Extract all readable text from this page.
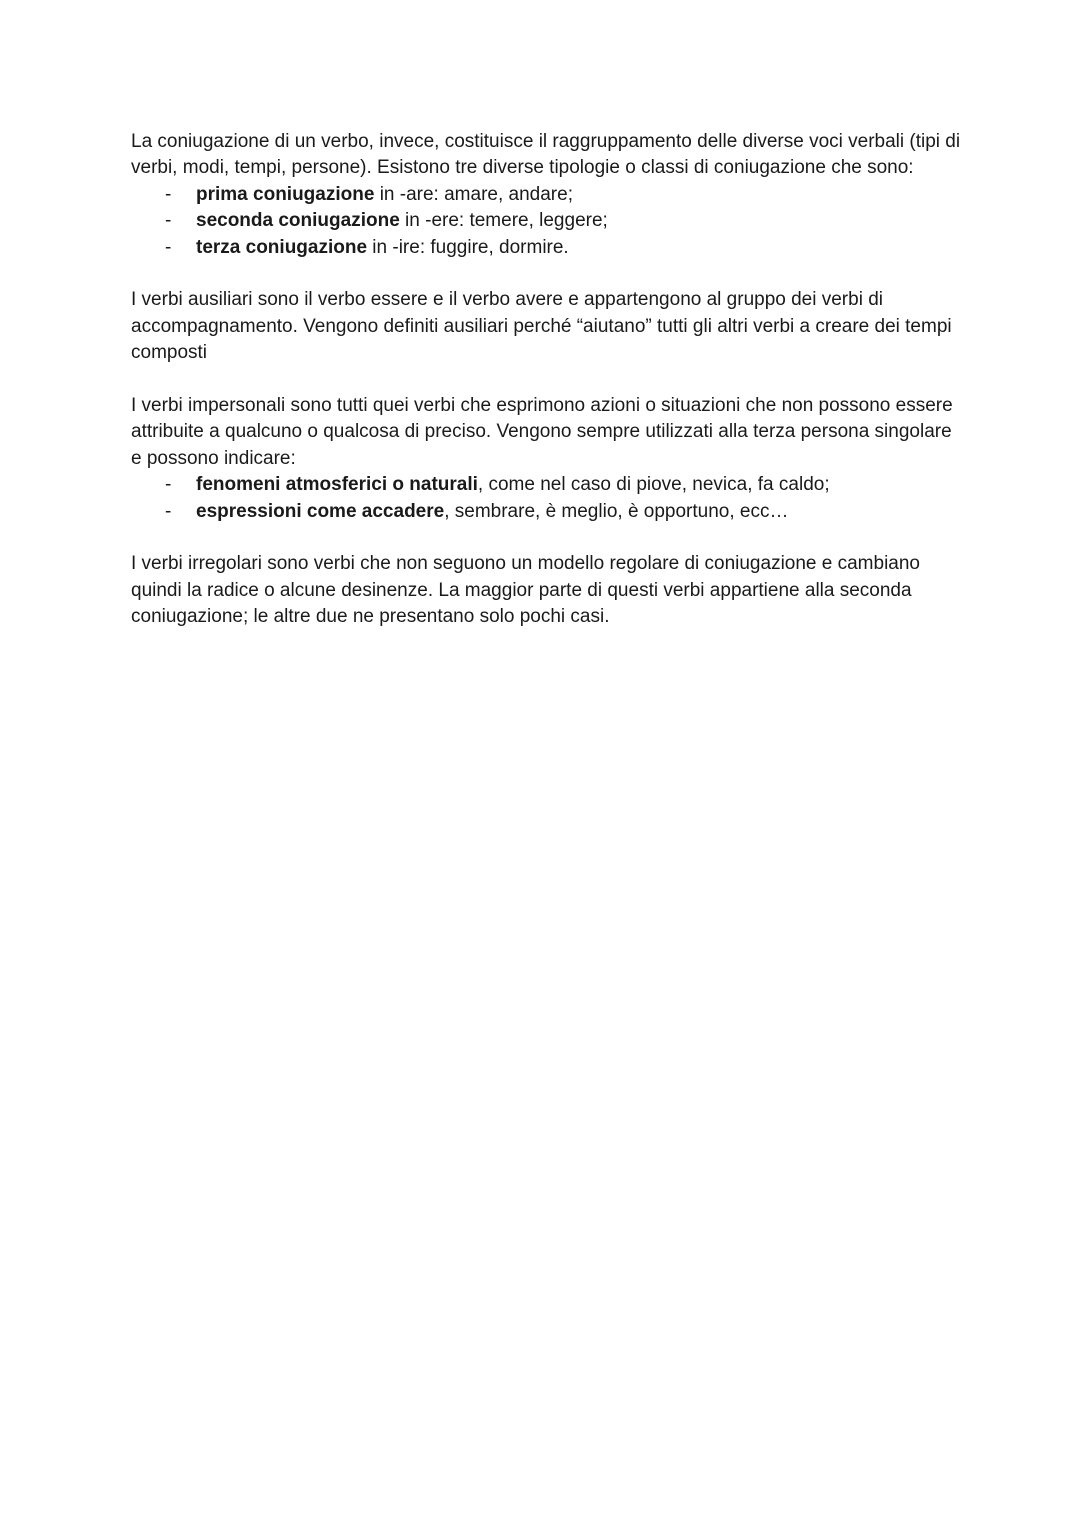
La coniugazione di un verbo, invece, costituisce il raggruppamento delle diverse voci verbali (tipi di verbi, modi, tempi, persone). Esistono tre diverse tipologie o classi di coniugazione che sono:

- prima coniugazione in -are: amare, andare;
- seconda coniugazione in -ere: temere, leggere;
- terza coniugazione in -ire: fuggire, dormire.

I verbi ausiliari sono il verbo essere e il verbo avere e appartengono al gruppo dei verbi di accompagnamento. Vengono definiti ausiliari perché “aiutano” tutti gli altri verbi a creare dei tempi composti

I verbi impersonali sono tutti quei verbi che esprimono azioni o situazioni che non possono essere attribuite a qualcuno o qualcosa di preciso. Vengono sempre utilizzati alla terza persona singolare e possono indicare:

- fenomeni atmosferici o naturali, come nel caso di piove, nevica, fa caldo;
- espressioni come accadere, sembrare, è meglio, è opportuno, ecc…

I verbi irregolari sono verbi che non seguono un modello regolare di coniugazione e cambiano quindi la radice o alcune desinenze. La maggior parte di questi verbi appartiene alla seconda coniugazione; le altre due ne presentano solo pochi casi.
